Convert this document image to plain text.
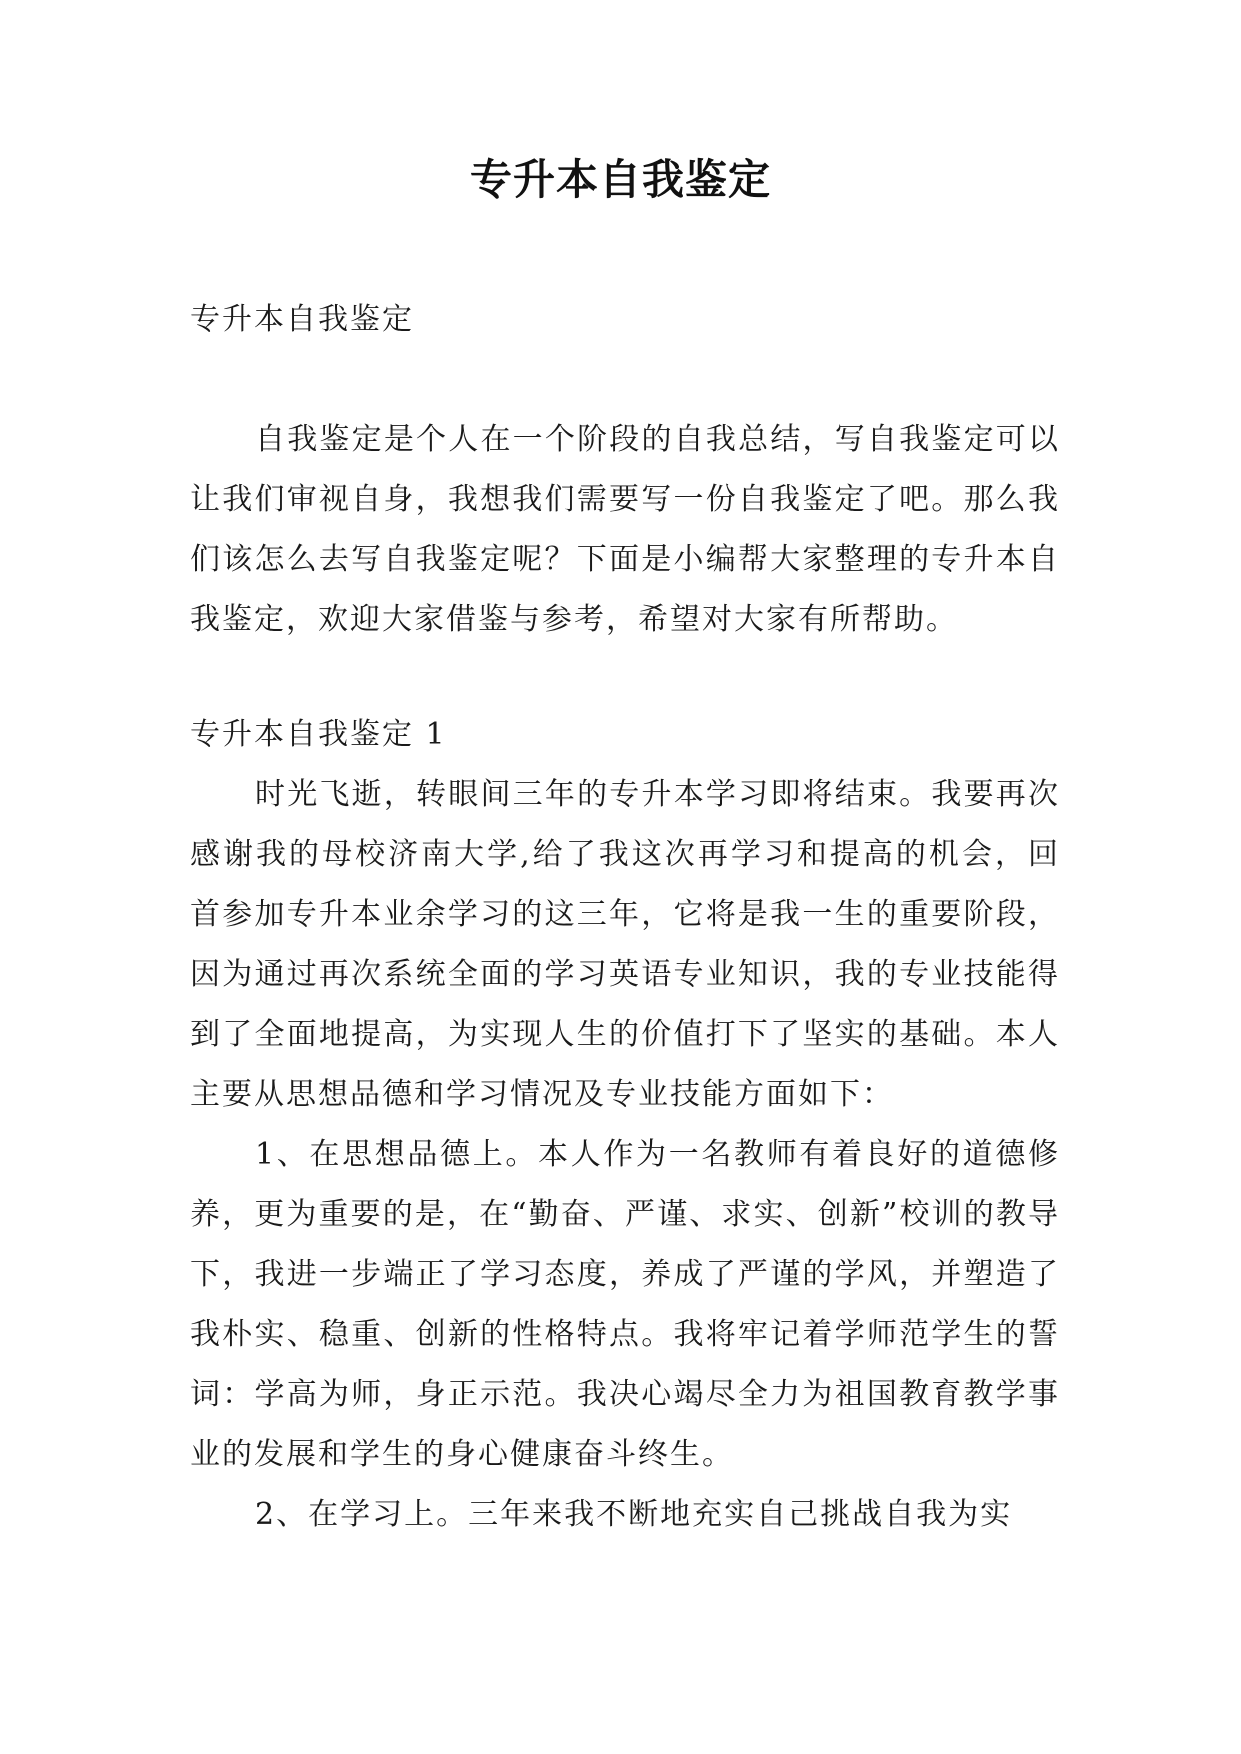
专升本自我鉴定

专升本自我鉴定

自我鉴定是个人在一个阶段的自我总结，写自我鉴定可以让我们审视自身，我想我们需要写一份自我鉴定了吧。那么我们该怎么去写自我鉴定呢？下面是小编帮大家整理的专升本自我鉴定，欢迎大家借鉴与参考，希望对大家有所帮助。

专升本自我鉴定 1

时光飞逝，转眼间三年的专升本学习即将结束。我要再次感谢我的母校济南大学,给了我这次再学习和提高的机会，回首参加专升本业余学习的这三年，它将是我一生的重要阶段，因为通过再次系统全面的学习英语专业知识，我的专业技能得到了全面地提高，为实现人生的价值打下了坚实的基础。本人主要从思想品德和学习情况及专业技能方面如下：

1、在思想品德上。本人作为一名教师有着良好的道德修养，更为重要的是，在“勤奋、严谨、求实、创新”校训的教导下，我进一步端正了学习态度，养成了严谨的学风，并塑造了我朴实、稳重、创新的性格特点。我将牢记着学师范学生的誓词：学高为师，身正示范。我决心竭尽全力为祖国教育教学事业的发展和学生的身心健康奋斗终生。

2、在学习上。三年来我不断地充实自己挑战自我为实
